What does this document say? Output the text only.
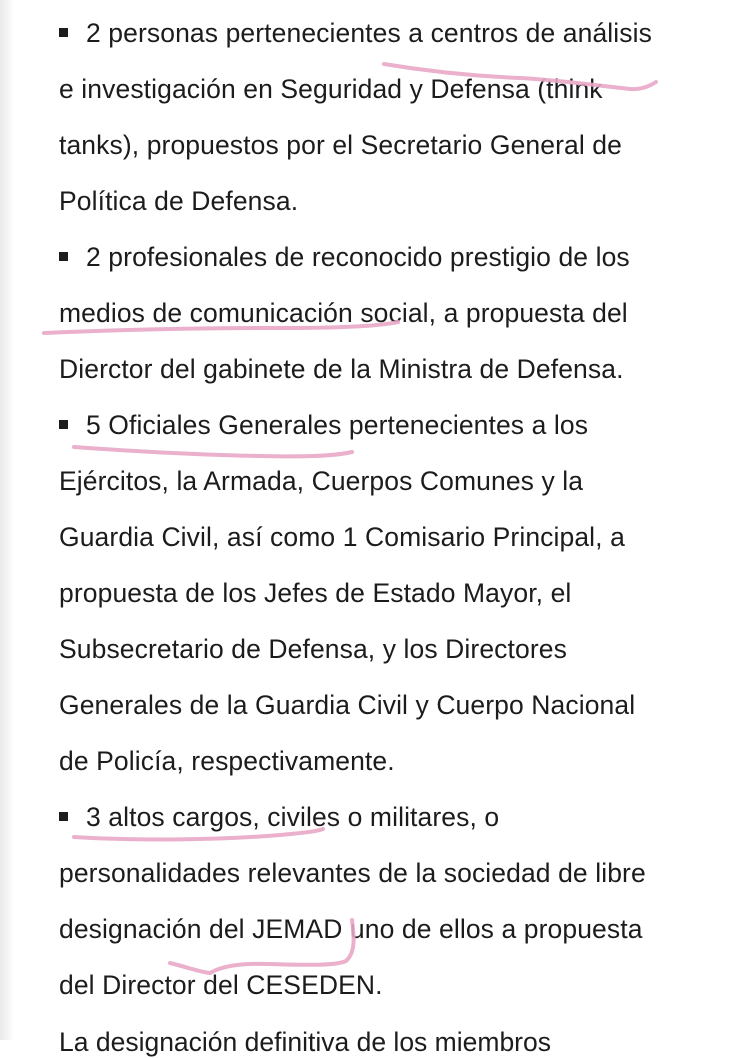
2 personas pertenecientes a centros de análisis
e investigación en Seguridad y Defensa (think
tanks), propuestos por el Secretario General de
Política de Defensa.
2 profesionales de reconocido prestigio de los
medios de comunicación social, a propuesta del
Dierctor del gabinete de la Ministra de Defensa.
5 Oficiales Generales pertenecientes a los
Ejércitos, la Armada, Cuerpos Comunes y la
Guardia Civil, así como 1 Comisario Principal, a
propuesta de los Jefes de Estado Mayor, el
Subsecretario de Defensa, y los Directores
Generales de la Guardia Civil y Cuerpo Nacional
de Policía, respectivamente.
3 altos cargos, civiles o militares, o
personalidades relevantes de la sociedad de libre
designación del JEMAD uno de ellos a propuesta
del Director del CESEDEN.
La designación definitiva de los miembros
